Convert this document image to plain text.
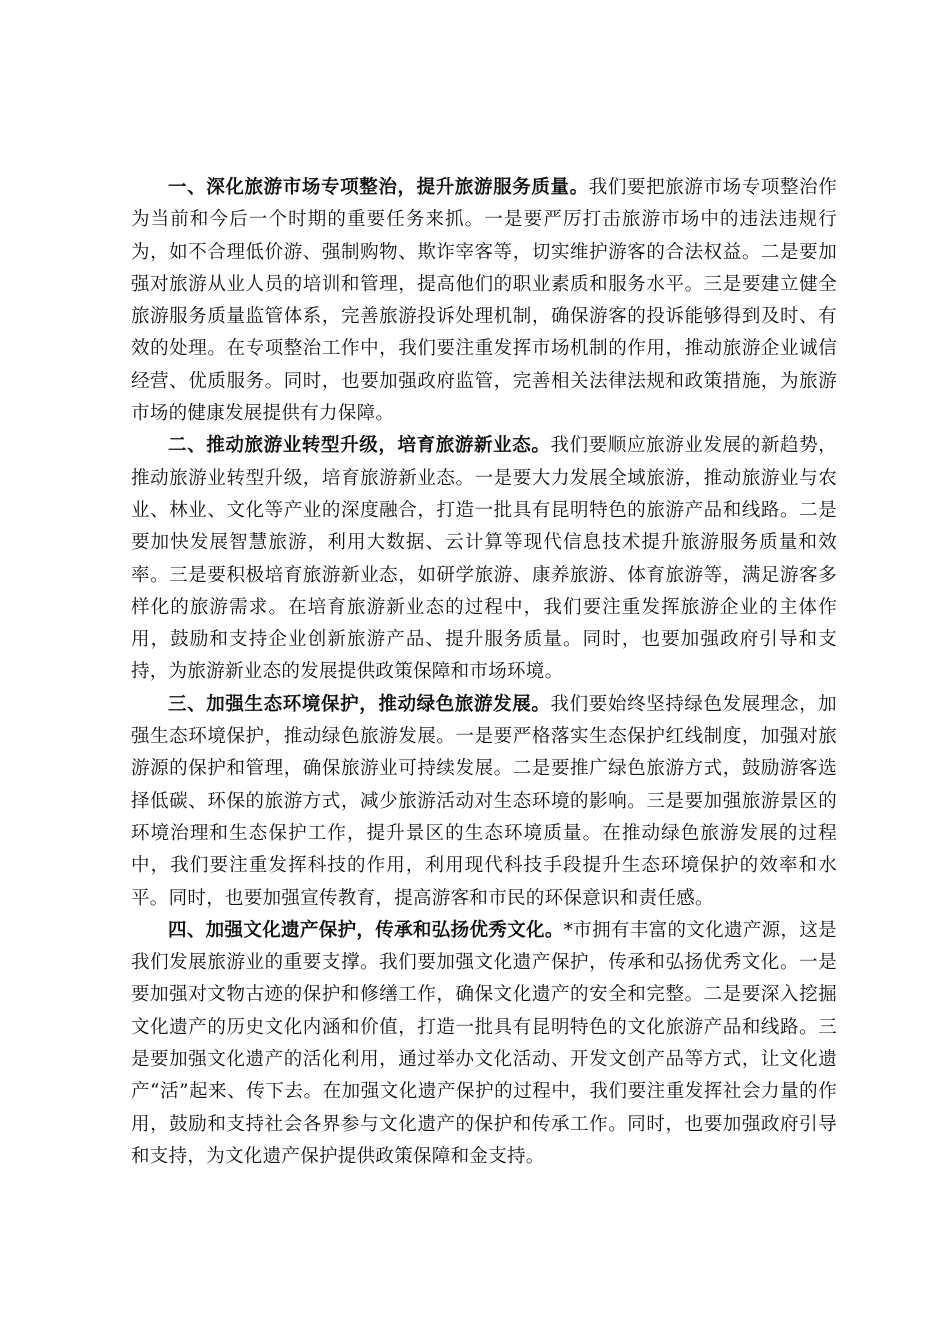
一、深化旅游市场专项整治，提升旅游服务质量。我们要把旅游市场专项整治作为当前和今后一个时期的重要任务来抓。一是要严厉打击旅游市场中的违法违规行为，如不合理低价游、强制购物、欺诈宰客等，切实维护游客的合法权益。二是要加强对旅游从业人员的培训和管理，提高他们的职业素质和服务水平。三是要建立健全旅游服务质量监管体系，完善旅游投诉处理机制，确保游客的投诉能够得到及时、有效的处理。在专项整治工作中，我们要注重发挥市场机制的作用，推动旅游企业诚信经营、优质服务。同时，也要加强政府监管，完善相关法律法规和政策措施，为旅游市场的健康发展提供有力保障。

二、推动旅游业转型升级，培育旅游新业态。我们要顺应旅游业发展的新趋势，推动旅游业转型升级，培育旅游新业态。一是要大力发展全域旅游，推动旅游业与农业、林业、文化等产业的深度融合，打造一批具有昆明特色的旅游产品和线路。二是要加快发展智慧旅游，利用大数据、云计算等现代信息技术提升旅游服务质量和效率。三是要积极培育旅游新业态，如研学旅游、康养旅游、体育旅游等，满足游客多样化的旅游需求。在培育旅游新业态的过程中，我们要注重发挥旅游企业的主体作用，鼓励和支持企业创新旅游产品、提升服务质量。同时，也要加强政府引导和支持，为旅游新业态的发展提供政策保障和市场环境。

三、加强生态环境保护，推动绿色旅游发展。我们要始终坚持绿色发展理念，加强生态环境保护，推动绿色旅游发展。一是要严格落实生态保护红线制度，加强对旅游源的保护和管理，确保旅游业可持续发展。二是要推广绿色旅游方式，鼓励游客选择低碳、环保的旅游方式，减少旅游活动对生态环境的影响。三是要加强旅游景区的环境治理和生态保护工作，提升景区的生态环境质量。在推动绿色旅游发展的过程中，我们要注重发挥科技的作用，利用现代科技手段提升生态环境保护的效率和水平。同时，也要加强宣传教育，提高游客和市民的环保意识和责任感。

四、加强文化遗产保护，传承和弘扬优秀文化。*市拥有丰富的文化遗产源，这是我们发展旅游业的重要支撑。我们要加强文化遗产保护，传承和弘扬优秀文化。一是要加强对文物古迹的保护和修缮工作，确保文化遗产的安全和完整。二是要深入挖掘文化遗产的历史文化内涵和价值，打造一批具有昆明特色的文化旅游产品和线路。三是要加强文化遗产的活化利用，通过举办文化活动、开发文创产品等方式，让文化遗产“活”起来、传下去。在加强文化遗产保护的过程中，我们要注重发挥社会力量的作用，鼓励和支持社会各界参与文化遗产的保护和传承工作。同时，也要加强政府引导和支持，为文化遗产保护提供政策保障和金支持。
